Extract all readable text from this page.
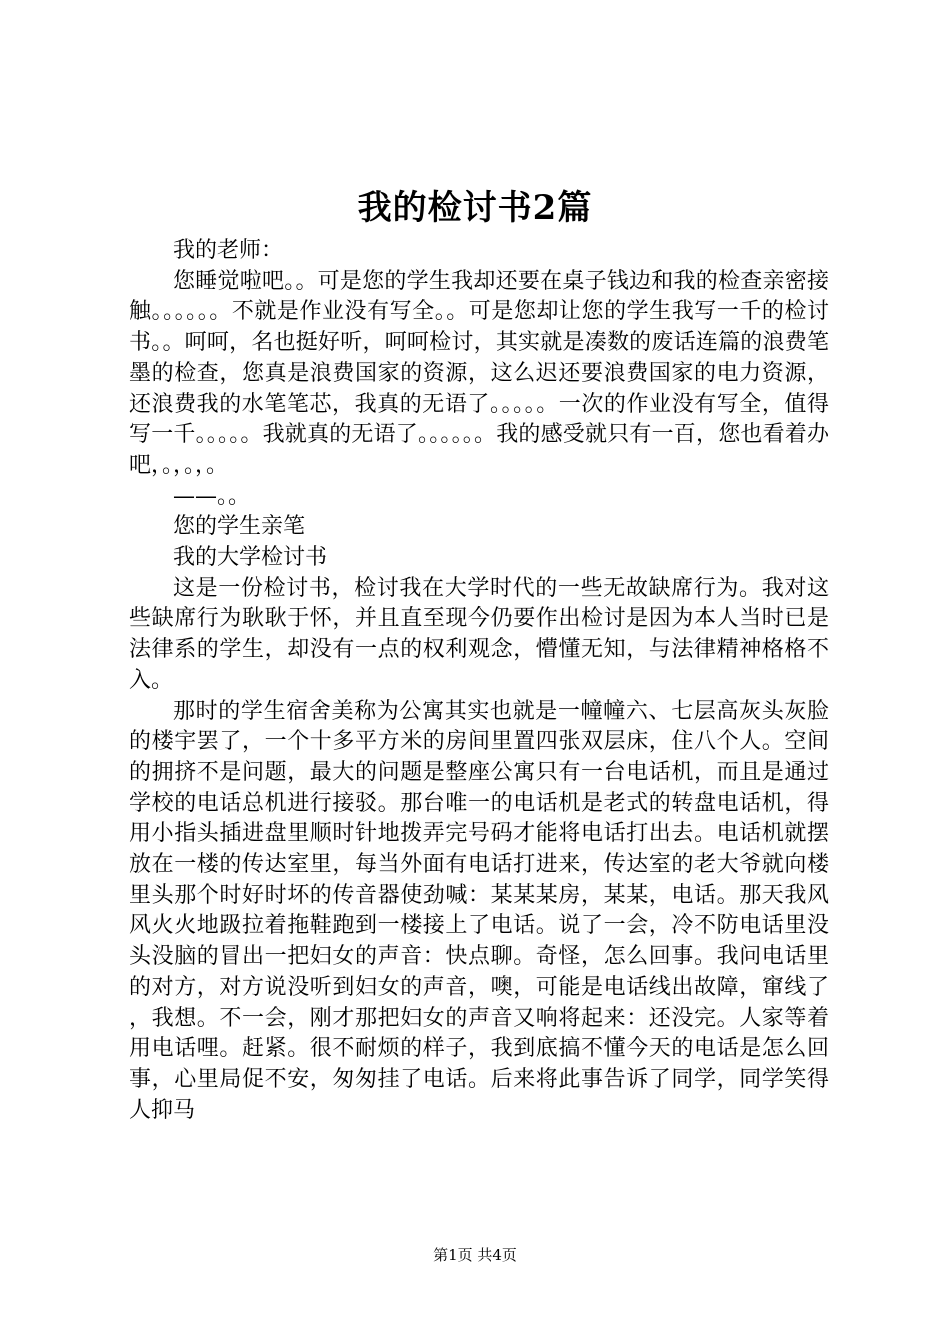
我的检讨书2篇

我的老师：

您睡觉啦吧。。可是您的学生我却还要在桌子钱边和我的检查亲密接触。。。。。。不就是作业没有写全。。可是您却让您的学生我写一千的检讨书。。呵呵，名也挺好听，呵呵检讨，其实就是凑数的废话连篇的浪费笔墨的检查，您真是浪费国家的资源，这么迟还要浪费国家的电力资源，还浪费我的水笔笔芯，我真的无语了。。。。。一次的作业没有写全，值得写一千。。。。。我就真的无语了。。。。。。我的感受就只有一百，您也看着办吧，。，。，。

——。。

您的学生亲笔

我的大学检讨书

这是一份检讨书，检讨我在大学时代的一些无故缺席行为。我对这些缺席行为耿耿于怀，并且直至现今仍要作出检讨是因为本人当时已是法律系的学生，却没有一点的权利观念，懵懂无知，与法律精神格格不入。

那时的学生宿舍美称为公寓其实也就是一幢幢六、七层高灰头灰脸的楼宇罢了，一个十多平方米的房间里置四张双层床，住八个人。空间的拥挤不是问题，最大的问题是整座公寓只有一台电话机，而且是通过学校的电话总机进行接驳。那台唯一的电话机是老式的转盘电话机，得用小指头插进盘里顺时针地拨弄完号码才能将电话打出去。电话机就摆放在一楼的传达室里，每当外面有电话打进来，传达室的老大爷就向楼里头那个时好时坏的传音器使劲喊：某某某房，某某，电话。那天我风风火火地趿拉着拖鞋跑到一楼接上了电话。说了一会，冷不防电话里没头没脑的冒出一把妇女的声音：快点聊。奇怪，怎么回事。我问电话里的对方，对方说没听到妇女的声音，噢，可能是电话线出故障，窜线了，我想。不一会，刚才那把妇女的声音又响将起来：还没完。人家等着用电话哩。赶紧。很不耐烦的样子，我到底搞不懂今天的电话是怎么回事，心里局促不安，匆匆挂了电话。后来将此事告诉了同学，同学笑得人抑马

第1页 共4页
